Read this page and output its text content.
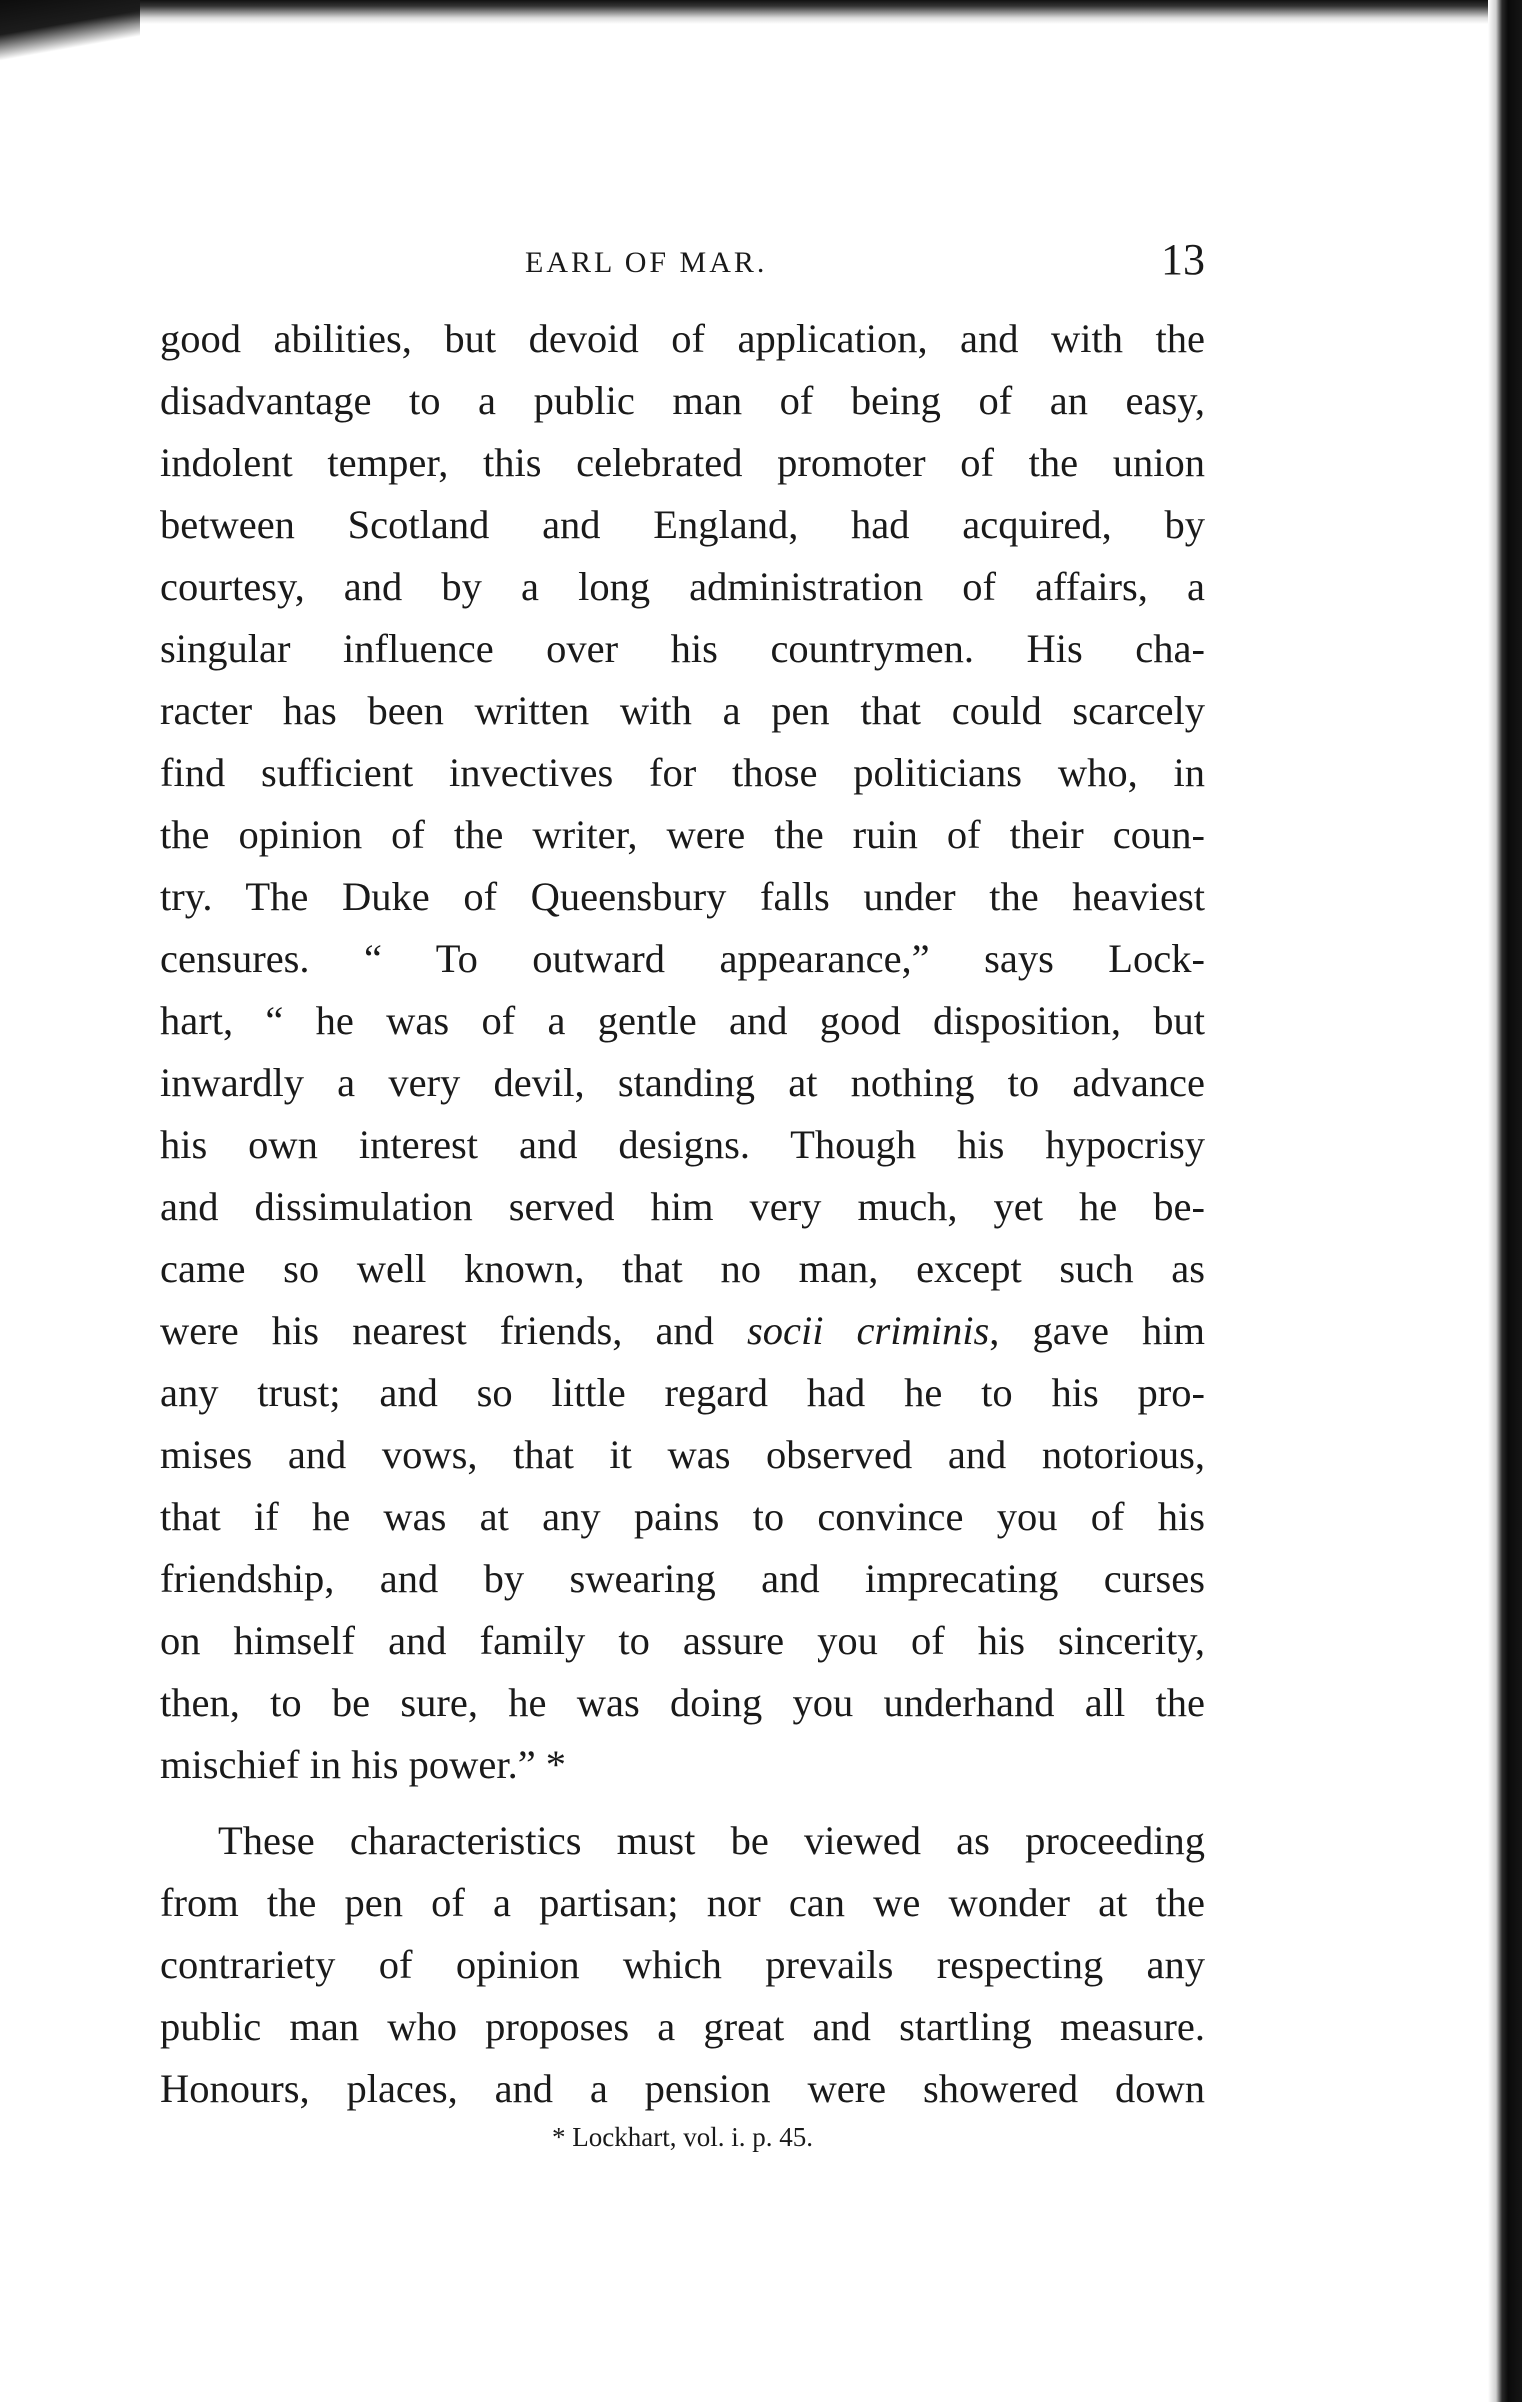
EARL OF MAR.	13
good abilities, but devoid of application, and with the
disadvantage to a public man of being of an easy,
indolent temper, this celebrated promoter of the union
between Scotland and England, had acquired, by
courtesy, and by a long administration of affairs, a
singular influence over his countrymen. His cha-
racter has been written with a pen that could scarcely
find sufficient invectives for those politicians who, in
the opinion of the writer, were the ruin of their coun-
try. The Duke of Queensbury falls under the heaviest
censures. “ To outward appearance,” says Lock-
hart, “ he was of a gentle and good disposition, but
inwardly a very devil, standing at nothing to advance
his own interest and designs. Though his hypocrisy
and dissimulation served him very much, yet he be-
came so well known, that no man, except such as
were his nearest friends, and socii criminis, gave him
any trust; and so little regard had he to his pro-
mises and vows, that it was observed and notorious,
that if he was at any pains to convince you of his
friendship, and by swearing and imprecating curses
on himself and family to assure you of his sincerity,
then, to be sure, he was doing you underhand all the
mischief in his power.” *
These characteristics must be viewed as proceeding
from the pen of a partisan; nor can we wonder at the
contrariety of opinion which prevails respecting any
public man who proposes a great and startling measure.
Honours, places, and a pension were showered down
* Lockhart, vol. i. p. 45.
